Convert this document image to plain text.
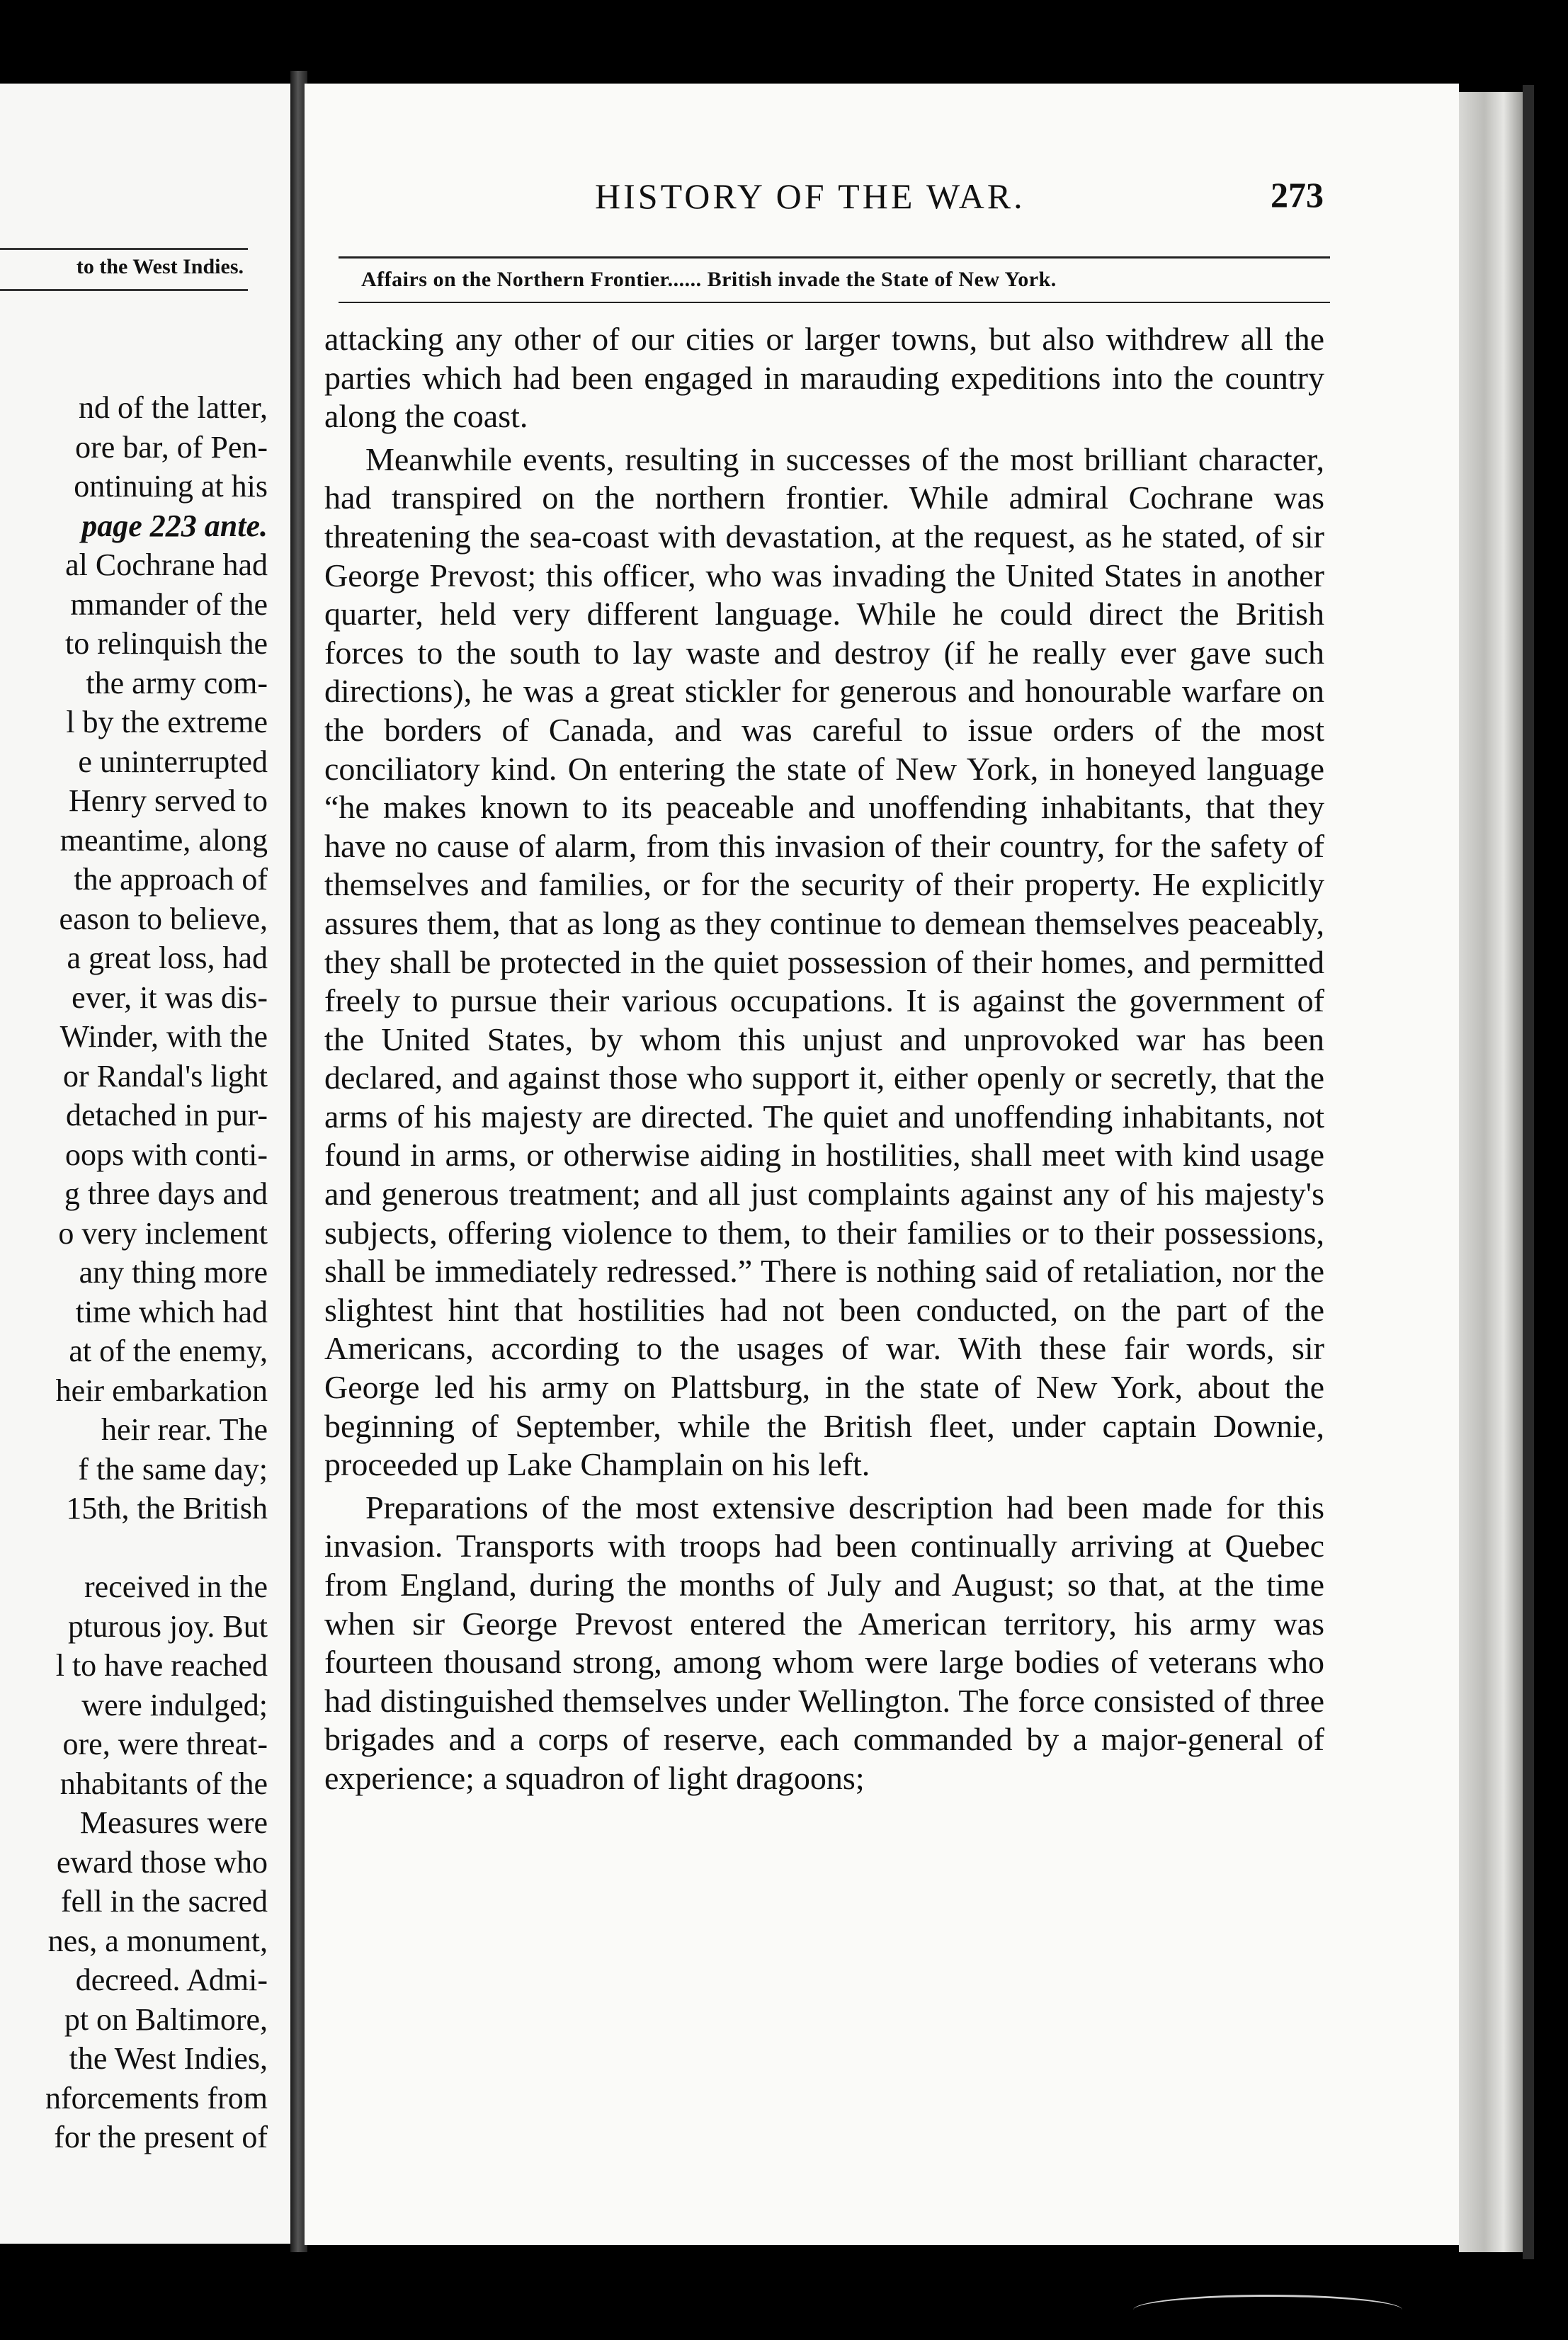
to the West Indies.
nd of the latter,
ore bar, of Pen-
ontinuing at his
page 223 ante.
al Cochrane had
mmander of the
to relinquish the
the army com-
l by the extreme
e uninterrupted
Henry served to
meantime, along
the approach of
eason to believe,
a great loss, had
ever, it was dis-
Winder, with the
or Randal's light
detached in pur-
oops with conti-
g three days and
o very inclement
any thing more
time which had
at of the enemy,
heir embarkation
heir rear. The
f the same day;
15th, the British
received in the
pturous joy. But
l to have reached
were indulged;
ore, were threat-
nhabitants of the
Measures were
eward those who
fell in the sacred
nes, a monument,
decreed. Admi-
pt on Baltimore,
the West Indies,
nforcements from
for the present of
HISTORY OF THE WAR.	273
Affairs on the Northern Frontier...... British invade the State of New York.

attacking any other of our cities or larger towns, but also withdrew all the parties which had been engaged in marauding expeditions into the country along the coast.

Meanwhile events, resulting in successes of the most brilliant character, had transpired on the northern frontier. While admiral Cochrane was threatening the sea-coast with devastation, at the request, as he stated, of sir George Prevost; this officer, who was invading the United States in another quarter, held very different language. While he could direct the British forces to the south to lay waste and destroy (if he really ever gave such directions), he was a great stickler for generous and honourable warfare on the borders of Canada, and was careful to issue orders of the most conciliatory kind. On entering the state of New York, in honeyed language “he makes known to its peaceable and unoffending inhabitants, that they have no cause of alarm, from this invasion of their country, for the safety of themselves and families, or for the security of their property. He explicitly assures them, that as long as they continue to demean themselves peaceably, they shall be protected in the quiet possession of their homes, and permitted freely to pursue their various occupations. It is against the government of the United States, by whom this unjust and unprovoked war has been declared, and against those who support it, either openly or secretly, that the arms of his majesty are directed. The quiet and unoffending inhabitants, not found in arms, or otherwise aiding in hostilities, shall meet with kind usage and generous treatment; and all just complaints against any of his majesty's subjects, offering violence to them, to their families or to their possessions, shall be immediately redressed.” There is nothing said of retaliation, nor the slightest hint that hostilities had not been conducted, on the part of the Americans, according to the usages of war. With these fair words, sir George led his army on Plattsburg, in the state of New York, about the beginning of September, while the British fleet, under captain Downie, proceeded up Lake Champlain on his left.

Preparations of the most extensive description had been made for this invasion. Transports with troops had been continually arriving at Quebec from England, during the months of July and August; so that, at the time when sir George Prevost entered the American territory, his army was fourteen thousand strong, among whom were large bodies of veterans who had distinguished themselves under Wellington. The force consisted of three brigades and a corps of reserve, each commanded by a major-general of experience; a squadron of light dragoons;
